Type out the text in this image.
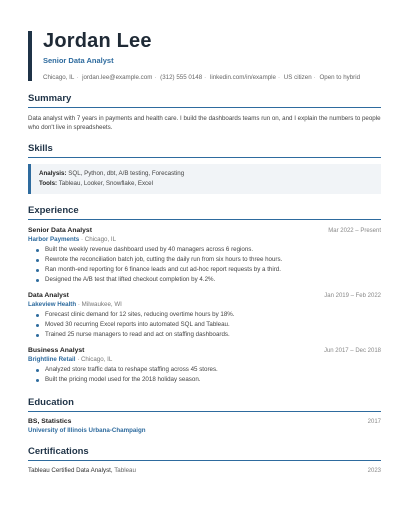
Jordan Lee
Senior Data Analyst
Chicago, IL · jordan.lee@example.com · (312) 555 0148 · linkedin.com/in/example · US citizen · Open to hybrid
Summary
Data analyst with 7 years in payments and health care. I build the dashboards teams run on, and I explain the numbers to people who don't live in spreadsheets.
Skills
Analysis: SQL, Python, dbt, A/B testing, Forecasting
Tools: Tableau, Looker, Snowflake, Excel
Experience
Senior Data Analyst	Mar 2022 – Present
Harbor Payments · Chicago, IL
Built the weekly revenue dashboard used by 40 managers across 6 regions.
Rewrote the reconciliation batch job, cutting the daily run from six hours to three hours.
Ran month-end reporting for 6 finance leads and cut ad-hoc report requests by a third.
Designed the A/B test that lifted checkout completion by 4.2%.
Data Analyst	Jan 2019 – Feb 2022
Lakeview Health · Milwaukee, WI
Forecast clinic demand for 12 sites, reducing overtime hours by 18%.
Moved 30 recurring Excel reports into automated SQL and Tableau.
Trained 25 nurse managers to read and act on staffing dashboards.
Business Analyst	Jun 2017 – Dec 2018
Brightline Retail · Chicago, IL
Analyzed store traffic data to reshape staffing across 45 stores.
Built the pricing model used for the 2018 holiday season.
Education
BS, Statistics	2017
University of Illinois Urbana-Champaign
Certifications
Tableau Certified Data Analyst, Tableau	2023
